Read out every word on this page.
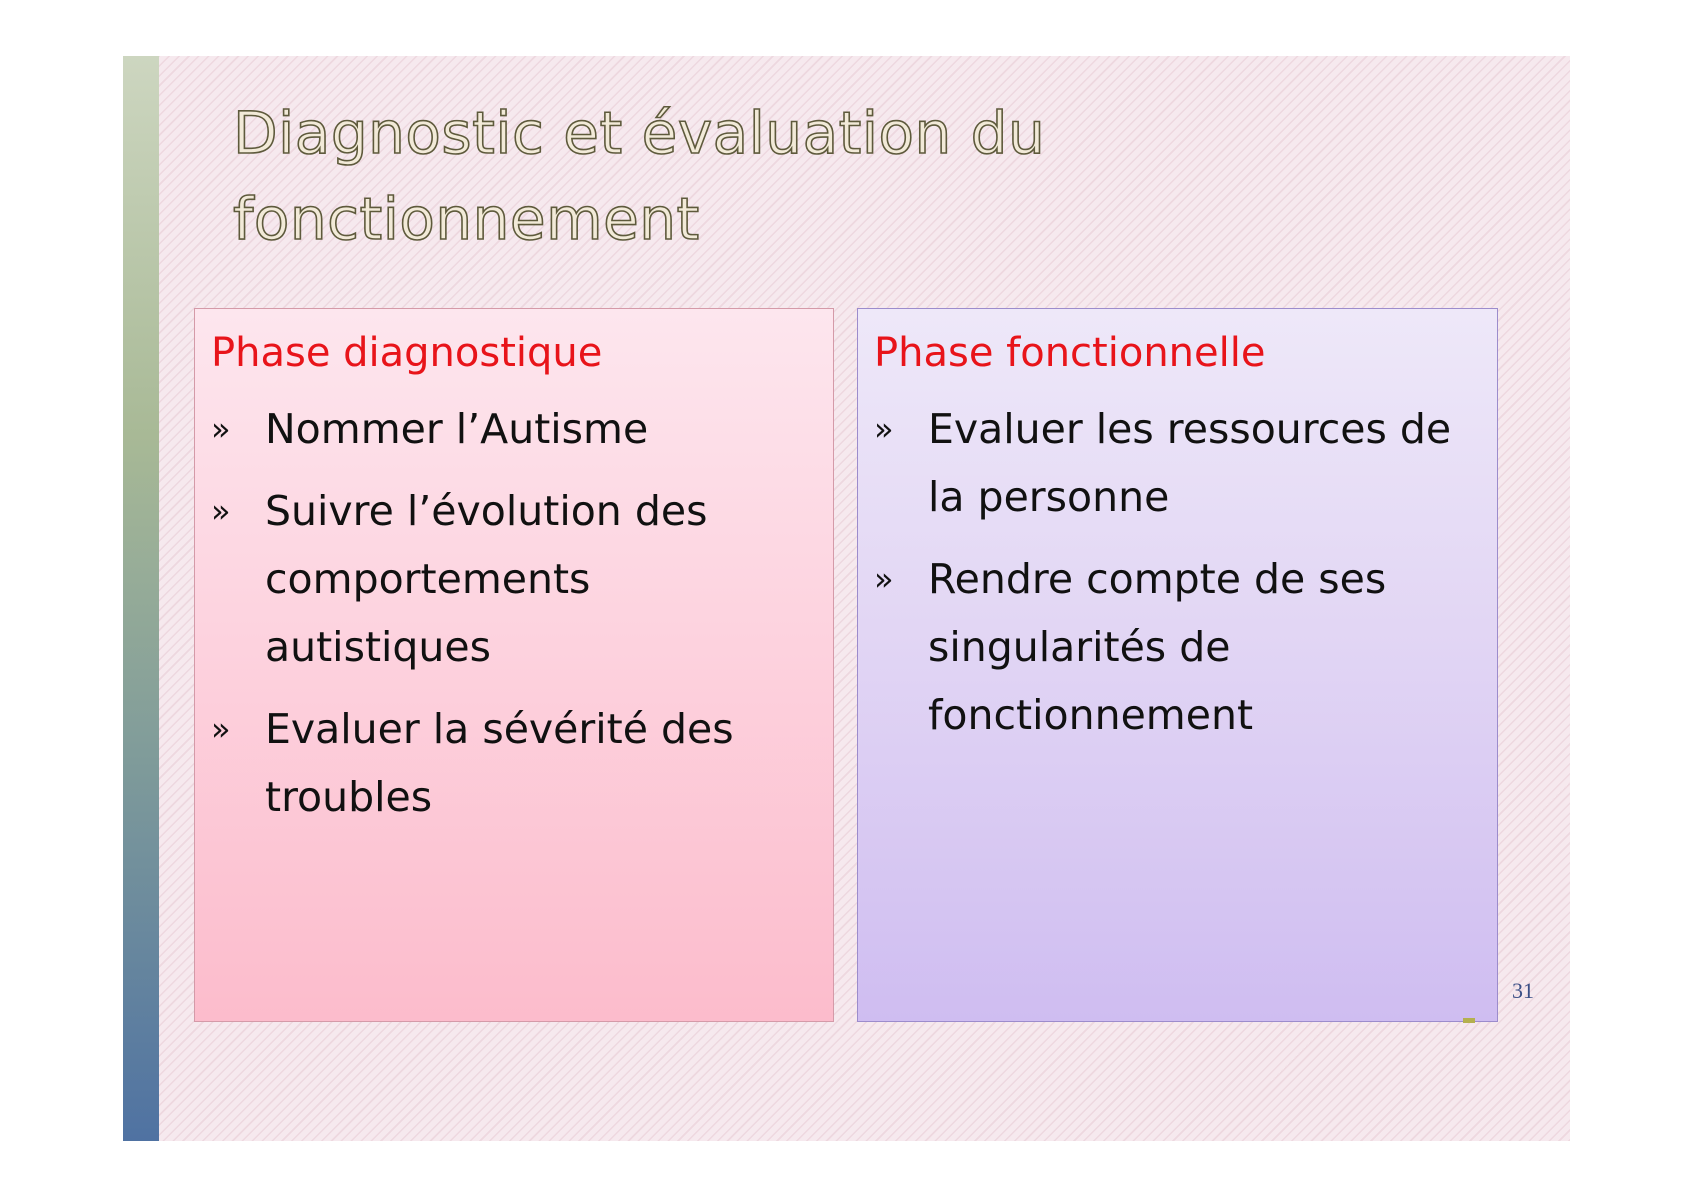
Diagnostic et évaluation du
fonctionnement
Phase diagnostique
» Nommer l’Autisme
» Suivre l’évolution des comportements autistiques
» Evaluer la sévérité des troubles
Phase fonctionnelle
» Evaluer les ressources de la personne
» Rendre compte de ses singularités de fonctionnement
31
